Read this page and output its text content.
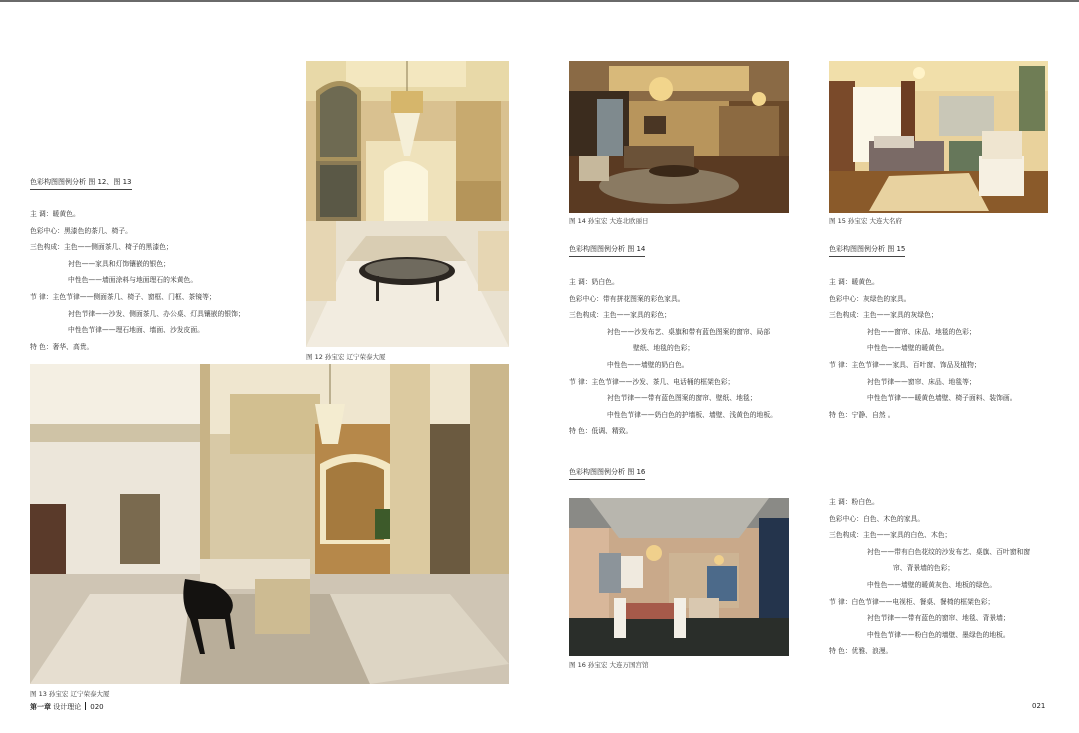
图 12 孙宝宏 辽宁荣泰大厦
色彩构图图例分析 图 12、图 13
主 调：暖黄色。
色彩中心：黑漆色的茶几、椅子。
三色构成：主色——侧面茶几、椅子的黑漆色；
衬色——家具和灯饰镶嵌的银色；
中性色——墙面涂料与地面理石的米黄色。
节 律：主色节律——侧面茶几、椅子、窗框、门框、茶镜等；
衬色节律——沙发、侧面茶几、办公桌、灯具镶嵌的银饰；
中性色节律——理石地面、墙面、沙发皮面。
特 色：奢华、高贵。
图 13 孙宝宏 辽宁荣泰大厦
第一章 设计理论 020
图 14 孙宝宏 大连北欧丽日	图 15 孙宝宏 大连大名府
色彩构图图例分析 图 14
主 调：奶白色。
色彩中心：带有拼花图案的彩色家具。
三色构成：主色——家具的彩色；
衬色——沙发布艺、桌旗和带有蓝色图案的窗帘、局部
壁纸、地毯的色彩；
中性色——墙壁的奶白色。
节 律：主色节律——沙发、茶几、电话桶的框架色彩；
衬色节律——带有蓝色图案的窗帘、壁纸、地毯；
中性色节律——奶白色的护墙板、墙壁、浅黄色的地板。
特 色：低调、精致。
色彩构图图例分析 图 15
主 调：暖黄色。
色彩中心：灰绿色的家具。
三色构成：主色——家具的灰绿色；
衬色——窗帘、床品、地毯的色彩；
中性色——墙壁的暖黄色。
节 律：主色节律——家具、百叶窗、饰品及植物；
衬色节律——窗帘、床品、地毯等；
中性色节律——暖黄色墙壁、椅子面料、装饰画。
特 色：宁静、自然 。
色彩构图图例分析 图 16
图 16 孙宝宏 大连万国宫馆
主 调：粉白色。
色彩中心：白色、木色的家具。
三色构成：主色——家具的白色、木色；
衬色——带有白色花纹的沙发布艺、桌旗、百叶窗和窗
帘、背景墙的色彩；
中性色——墙壁的暖黄灰色、地板的绿色。
节 律：白色节律——电视柜、餐桌、餐椅的框架色彩；
衬色节律——带有蓝色的窗帘、地毯、背景墙；
中性色节律——粉白色的墙壁、墨绿色的地板。
特 色：优雅、浪漫。
021
